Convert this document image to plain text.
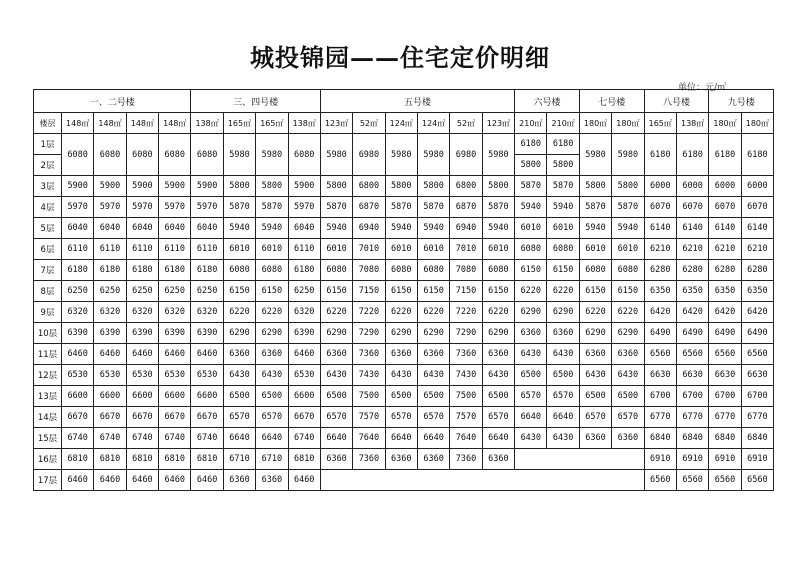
城投锦园——住宅定价明细
单位：元/㎡
一、二号楼					三、四号楼				五号楼						六号楼		七号楼		八号楼		九号楼	
楼层	148㎡	148㎡	148㎡	148㎡	138㎡	165㎡	165㎡	138㎡	123㎡	52㎡	124㎡	124㎡	52㎡	123㎡	210㎡	210㎡	180㎡	180㎡	165㎡	138㎡	180㎡	180㎡
1层	6080	6080	6080	6080	6080	5980	5980	6080	5980	6980	5980	5980	6980	5980	6180	6180	5980	5980	6180	6180	6180	6180
2层															5800	5800						
3层	5900	5900	5900	5900	5900	5800	5800	5900	5800	6800	5800	5800	6800	5800	5870	5870	5800	5800	6000	6000	6000	6000
4层	5970	5970	5970	5970	5970	5870	5870	5970	5870	6870	5870	5870	6870	5870	5940	5940	5870	5870	6070	6070	6070	6070
5层	6040	6040	6040	6040	6040	5940	5940	6040	5940	6940	5940	5940	6940	5940	6010	6010	5940	5940	6140	6140	6140	6140
6层	6110	6110	6110	6110	6110	6010	6010	6110	6010	7010	6010	6010	7010	6010	6080	6080	6010	6010	6210	6210	6210	6210
7层	6180	6180	6180	6180	6180	6080	6080	6180	6080	7080	6080	6080	7080	6080	6150	6150	6080	6080	6280	6280	6280	6280
8层	6250	6250	6250	6250	6250	6150	6150	6250	6150	7150	6150	6150	7150	6150	6220	6220	6150	6150	6350	6350	6350	6350
9层	6320	6320	6320	6320	6320	6220	6220	6320	6220	7220	6220	6220	7220	6220	6290	6290	6220	6220	6420	6420	6420	6420
10层	6390	6390	6390	6390	6390	6290	6290	6390	6290	7290	6290	6290	7290	6290	6360	6360	6290	6290	6490	6490	6490	6490
11层	6460	6460	6460	6460	6460	6360	6360	6460	6360	7360	6360	6360	7360	6360	6430	6430	6360	6360	6560	6560	6560	6560
12层	6530	6530	6530	6530	6530	6430	6430	6530	6430	7430	6430	6430	7430	6430	6500	6500	6430	6430	6630	6630	6630	6630
13层	6600	6600	6600	6600	6600	6500	6500	6600	6500	7500	6500	6500	7500	6500	6570	6570	6500	6500	6700	6700	6700	6700
14层	6670	6670	6670	6670	6670	6570	6570	6670	6570	7570	6570	6570	7570	6570	6640	6640	6570	6570	6770	6770	6770	6770
15层	6740	6740	6740	6740	6740	6640	6640	6740	6640	7640	6640	6640	7640	6640	6430	6430	6360	6360	6840	6840	6840	6840
16层	6810	6810	6810	6810	6810	6710	6710	6810	6360	7360	6360	6360	7360	6360					6910	6910	6910	6910
17层	6460	6460	6460	6460	6460	6360	6360	6460											6560	6560	6560	6560
